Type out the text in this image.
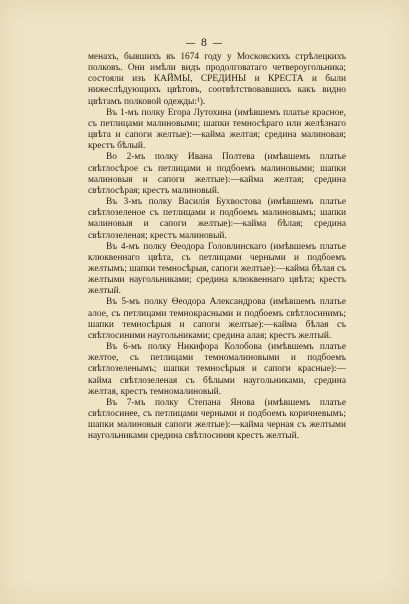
— 8 —

менахъ, бывшихъ въ 1674 году у Московскихъ стрѣлецкихъ полковъ. Они имѣли видъ продолговатаго четвероугольника; состояли изъ КАЙМЫ, СРЕДИНЫ и КРЕСТА и были нижеслѣдующихъ цвѣтовъ, соотвѣтствовавшихъ какъ видно цвѣтамъ полковой одежды:¹).

Въ 1-мъ полку Егора Лутохина (имѣвшемъ платье красное, съ петлицами малиновыми; шапки темносѣраго или желѣзнаго цвѣта и сапоги желтые):—кайма желтая; средина малиновая; крестъ бѣлый.

Во 2-мъ полку Ивана Полтева (имѣвшемъ платье свѣтлосѣрое съ петлицами и подбоемъ малиновыми; шапки малиновыя и сапоги желтые):—кайма желтая; средина свѣтлосѣрая; крестъ малиновый.

Въ 3-мъ полку Василія Бухвостова (имѣвшемъ платье свѣтлозеленое съ петлицами и подбоемъ малиновымъ; шапки малиновыя и сапоги желтые):—кайма бѣлая; средина свѣтлозеленая; крестъ малиновый.

Въ 4-мъ полку Ѳеодора Головлинскаго (имѣвшемъ платье клюквеннаго цвѣта, съ петлицами черными и подбоемъ желтымъ; шапки темносѣрыя, сапоги желтые):—кайма бѣлая съ желтыми наугольниками; средина клюквеннаго цвѣта; крестъ желтый.

Въ 5-мъ полку Ѳеодора Александрова (имѣвшемъ платье алое, съ петлицами темнокрасными и подбоемъ свѣтлосинимъ; шапки темносѣрыя и сапоги желтые):—кайма бѣлая съ свѣтлосиними наугольниками; средина алая; крестъ желтый.

Въ 6-мъ полку Никифора Колобова (имѣвшемъ платье желтое, съ петлицами темномалиновыми и подбоемъ свѣтлозеленымъ; шапки темносѣрыя и сапоги красные):—кайма свѣтлозеленая съ бѣлыми наугольниками, средина желтая, крестъ темномалиновый.

Въ 7-мъ полку Степана Янова (имѣвшемъ платье свѣтлосинее, съ петлицами черными и подбоемъ коричневымъ; шапки малиновыя сапоги желтые):—кайма черная съ желтыми наугольниками средина свѣтлосиняя крестъ желтый.
